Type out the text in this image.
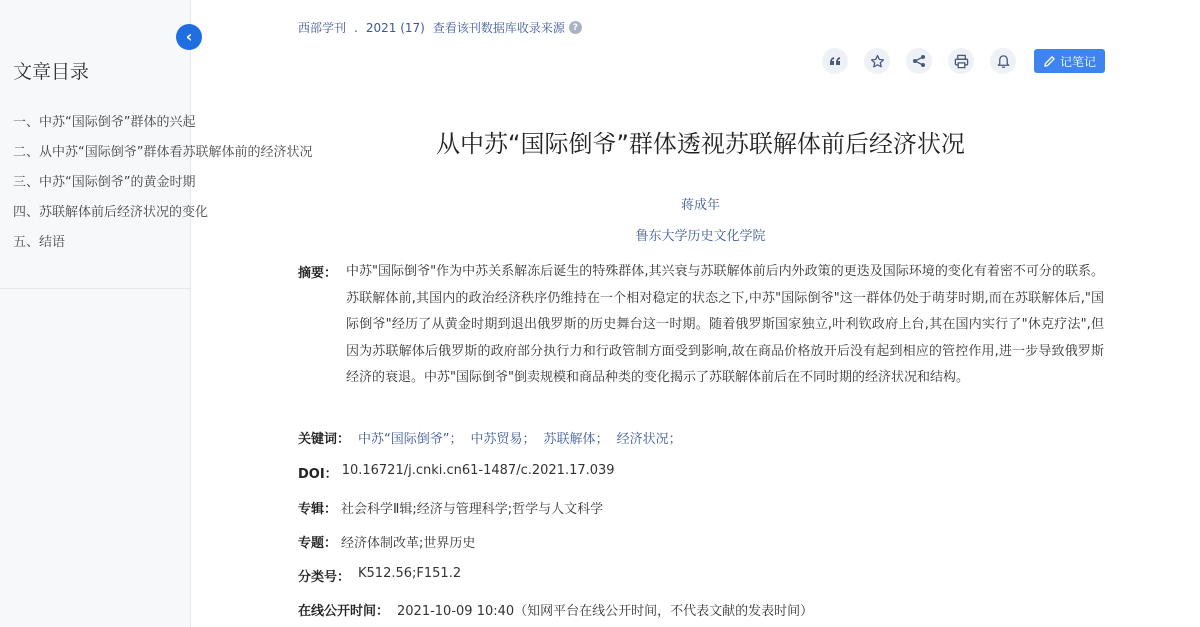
文章目录
一、中苏“国际倒爷”群体的兴起
二、从中苏“国际倒爷”群体看苏联解体前的经济状况
三、中苏“国际倒爷”的黄金时期
四、苏联解体前后经济状况的变化
五、结语
‹	西部学刊 . 2021 (17) 查看该刊数据库收录来源 ?
记笔记
从中苏“国际倒爷”群体透视苏联解体前后经济状况
蒋成年
鲁东大学历史文化学院
摘要： 中苏"国际倒爷"作为中苏关系解冻后诞生的特殊群体,其兴衰与苏联解体前后内外政策的更迭及国际环境的变化有着密不可分的联系。苏联解体前,其国内的政治经济秩序仍维持在一个相对稳定的状态之下,中苏"国际倒爷"这一群体仍处于萌芽时期,而在苏联解体后,"国际倒爷"经历了从黄金时期到退出俄罗斯的历史舞台这一时期。随着俄罗斯国家独立,叶利钦政府上台,其在国内实行了"休克疗法",但因为苏联解体后俄罗斯的政府部分执行力和行政管制方面受到影响,故在商品价格放开后没有起到相应的管控作用,进一步导致俄罗斯经济的衰退。中苏"国际倒爷"倒卖规模和商品种类的变化揭示了苏联解体前后在不同时期的经济状况和结构。
关键词： 中苏“国际倒爷” ； 中苏贸易 ； 苏联解体 ； 经济状况 ；
DOI： 10.16721/j.cnki.cn61-1487/c.2021.17.039
专辑： 社会科学Ⅱ辑;经济与管理科学;哲学与人文科学
专题： 经济体制改革;世界历史
分类号： K512.56;F151.2
在线公开时间： 2021-10-09 10:40（知网平台在线公开时间，不代表文献的发表时间）
